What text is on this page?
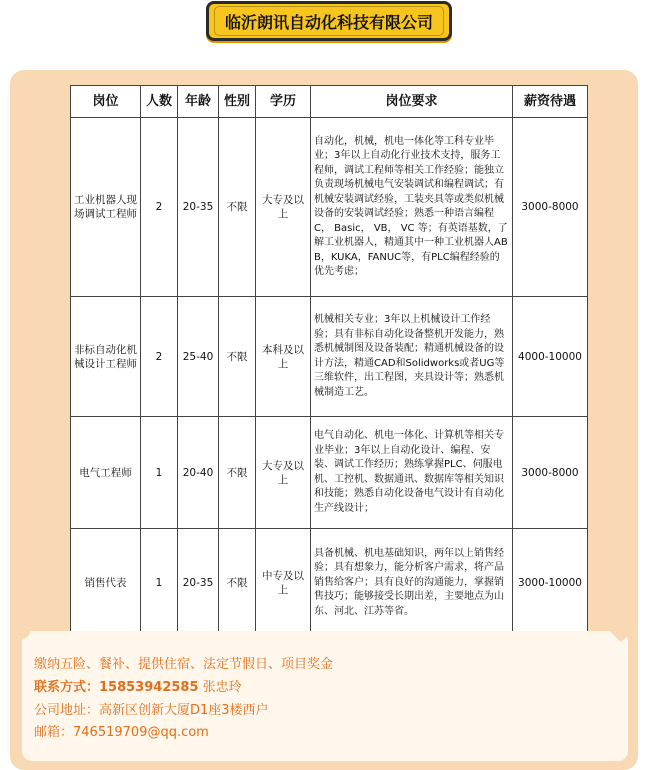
临沂朗讯自动化科技有限公司
岗位	人数	年龄	性别	学历	岗位要求	薪资待遇
工业机器人现场调试工程师	2	20-35	不限	大专及以上	自动化，机械，机电一体化等工科专业毕业；3年以上自动化行业技术支持，服务工程师，调试工程师等相关工作经验；能独立负责现场机械电气安装调试和编程调试；有机械安装调试经验，工装夹具等或类似机械设备的安装调试经验；熟悉一种语言编程C， Basic， VB， VC 等；有英语基数，了解工业机器人，精通其中一种工业机器人ABB，KUKA，FANUC等，有PLC编程经验的优先考虑；	3000-8000
非标自动化机械设计工程师	2	25-40	不限	本科及以上	机械相关专业；3年以上机械设计工作经验；具有非标自动化设备整机开发能力，熟悉机械制图及设备装配；精通机械设备的设计方法，精通CAD和Solidworks或者UG等三维软件，出工程图，夹具设计等；熟悉机械制造工艺。	4000-10000
电气工程师	1	20-40	不限	大专及以上	电气自动化、机电一体化、计算机等相关专业毕业；3年以上自动化设计、编程、安装、调试工作经历；熟练掌握PLC、伺服电机、工控机、数据通讯、数据库等相关知识和技能；熟悉自动化设备电气设计有自动化生产线设计；	3000-8000
销售代表	1	20-35	不限	中专及以上	具备机械、机电基础知识，两年以上销售经验；具有想象力，能分析客户需求，将产品销售给客户；具有良好的沟通能力，掌握销售技巧；能够接受长期出差，主要地点为山东、河北、江苏等省。	3000-10000

缴纳五险、餐补、提供住宿、法定节假日、项目奖金

联系方式：15853942585 张忠玲

公司地址：高新区创新大厦D1座3楼西户

邮箱：746519709@qq.com
